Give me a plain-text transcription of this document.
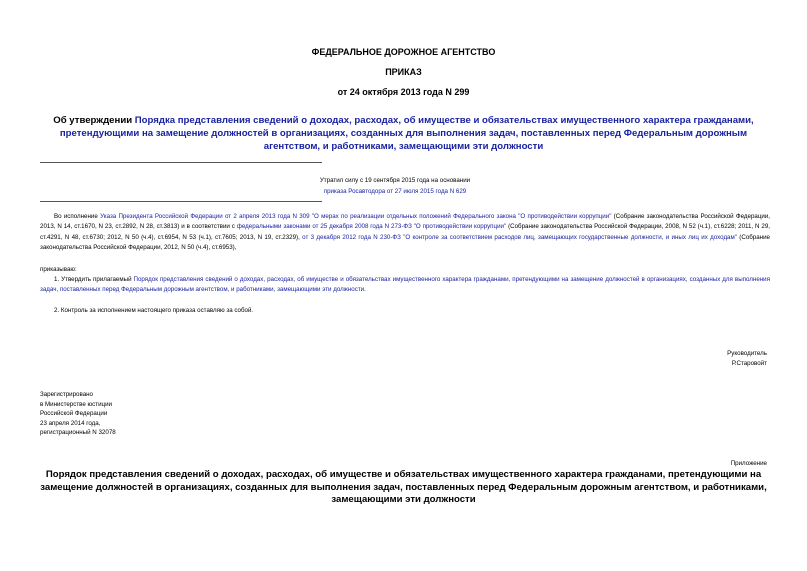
ФЕДЕРАЛЬНОЕ ДОРОЖНОЕ АГЕНТСТВО
ПРИКАЗ
от 24 октября 2013 года N 299
Об утверждении Порядка представления сведений о доходах, расходах, об имуществе и обязательствах имущественного характера гражданами, претендующими на замещение должностей в организациях, созданных для выполнения задач, поставленных перед Федеральным дорожным агентством, и работниками, замещающими эти должности
Утратил силу с 19 сентября 2015 года на основании
приказа Росавтодора от 27 июля 2015 года N 629
Во исполнение Указа Президента Российской Федерации от 2 апреля 2013 года N 309 "О мерах по реализации отдельных положений Федерального закона "О противодействии коррупции" (Собрание законодательства Российской Федерации, 2013, N 14, ст.1670, N 23, ст.2892, N 28, ст.3813) и в соответствии с федеральными законами от 25 декабря 2008 года N 273-ФЗ "О противодействии коррупции" (Собрание законодательства Российской Федерации, 2008, N 52 (ч.1), ст.6228; 2011, N 29, ст.4291, N 48, ст.6730; 2012, N 50 (ч.4), ст.6954, N 53 (ч.1), ст.7605; 2013, N 19, ст.2329), от 3 декабря 2012 года N 230-ФЗ "О контроле за соответствием расходов лиц, замещающих государственные должности, и иных лиц их доходам" (Собрание законодательства Российской Федерации, 2012, N 50 (ч.4), ст.6953),
приказываю:
1. Утвердить прилагаемый Порядок представления сведений о доходах, расходах, об имуществе и обязательствах имущественного характера гражданами, претендующими на замещение должностей в организациях, созданных для выполнения задач, поставленных перед Федеральным дорожным агентством, и работниками, замещающими эти должности.
2. Контроль за исполнением настоящего приказа оставляю за собой.
Руководитель
Р.Старовойт
Зарегистрировано
в Министерстве юстиции
Российской Федерации
23 апреля 2014 года,
регистрационный N 32078
Приложение
Порядок представления сведений о доходах, расходах, об имуществе и обязательствах имущественного характера гражданами, претендующими на замещение должностей в организациях, созданных для выполнения задач, поставленных перед Федеральным дорожным агентством, и работниками, замещающими эти должности
